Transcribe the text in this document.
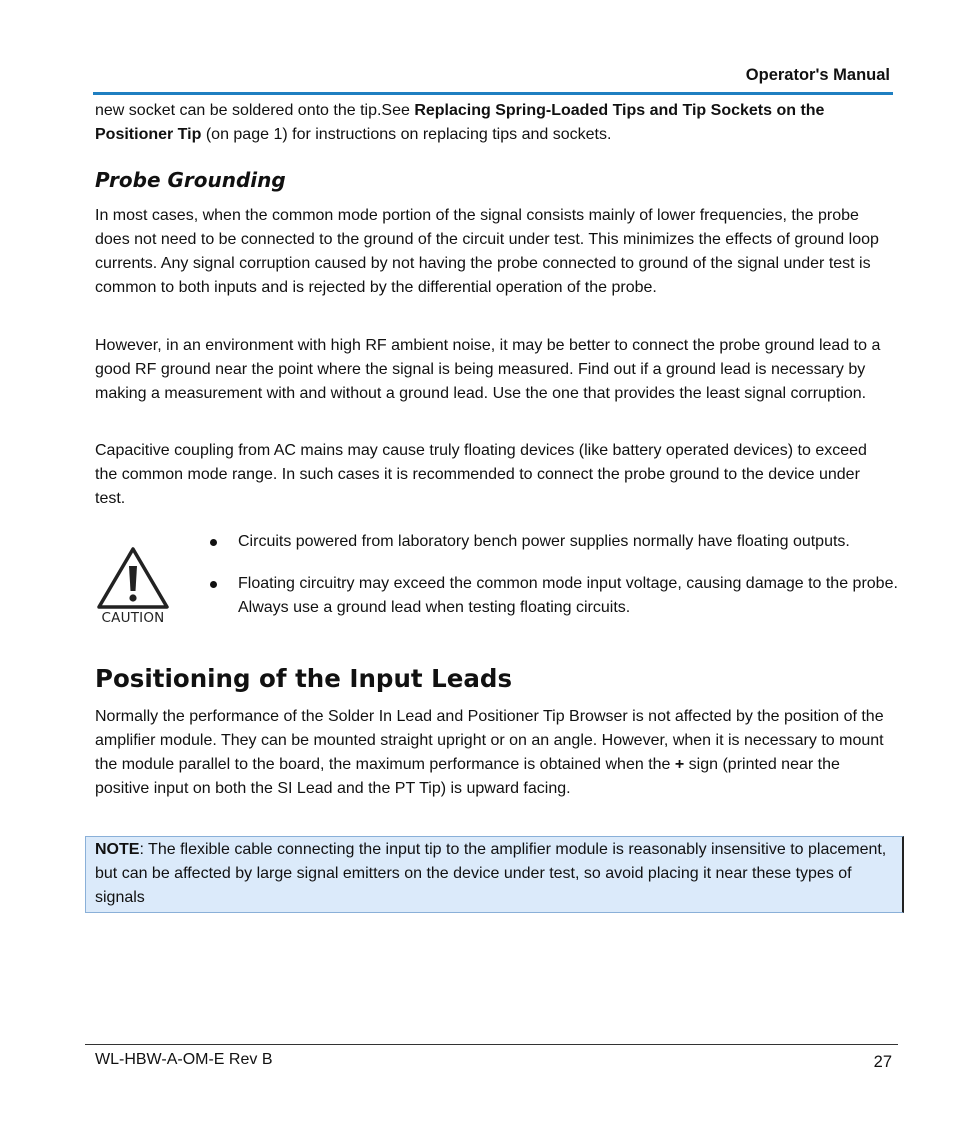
Operator's Manual
new socket can be soldered onto the tip.See Replacing Spring-Loaded Tips and Tip Sockets on the Positioner Tip (on page 1) for instructions on replacing tips and sockets.
Probe Grounding
In most cases, when the common mode portion of the signal consists mainly of lower frequencies, the probe does not need to be connected to the ground of the circuit under test. This minimizes the effects of ground loop currents. Any signal corruption caused by not having the probe connected to ground of the signal under test is common to both inputs and is rejected by the differential operation of the probe.
However, in an environment with high RF ambient noise, it may be better to connect the probe ground lead to a good RF ground near the point where the signal is being measured. Find out if a ground lead is necessary by making a measurement with and without a ground lead. Use the one that provides the least signal corruption.
Capacitive coupling from AC mains may cause truly floating devices (like battery operated devices) to exceed the common mode range. In such cases it is recommended to connect the probe ground to the device under test.
CAUTION
Circuits powered from laboratory bench power supplies normally have floating outputs.
Floating circuitry may exceed the common mode input voltage, causing damage to the probe. Always use a ground lead when testing floating circuits.
Positioning of the Input Leads
Normally the performance of the Solder In Lead and Positioner Tip Browser is not affected by the position of the amplifier module. They can be mounted straight upright or on an angle. However, when it is necessary to mount the module parallel to the board, the maximum performance is obtained when the + sign (printed near the positive input on both the SI Lead and the PT Tip) is upward facing.
NOTE: The flexible cable connecting the input tip to the amplifier module is reasonably insensitive to placement, but can be affected by large signal emitters on the device under test, so avoid placing it near these types of signals
WL-HBW-A-OM-E Rev B	27
